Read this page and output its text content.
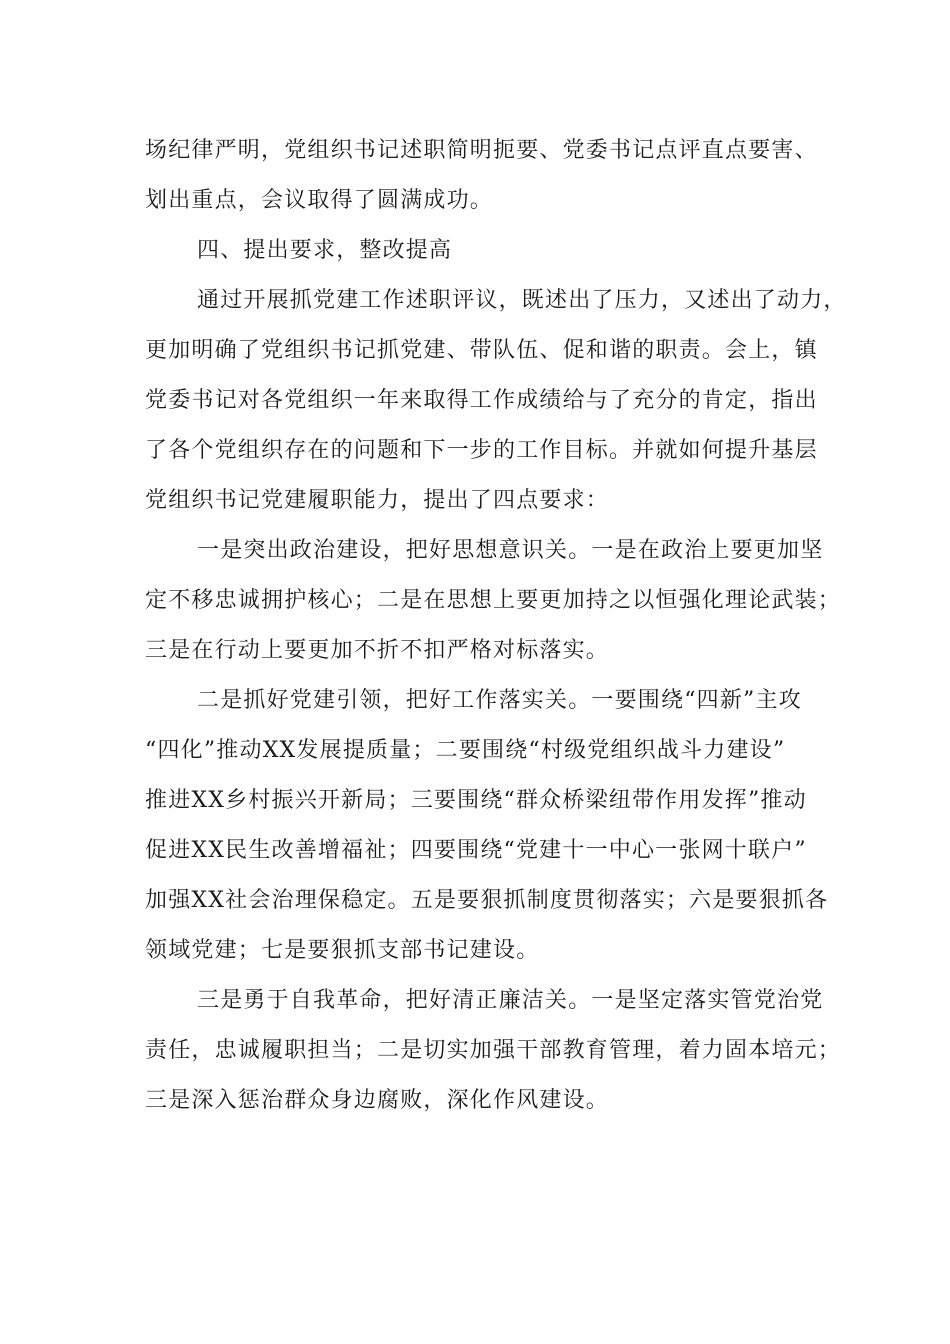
场纪律严明，党组织书记述职简明扼要、党委书记点评直点要害、
划出重点，会议取得了圆满成功。
四、提出要求，整改提高
通过开展抓党建工作述职评议，既述出了压力，又述出了动力，
更加明确了党组织书记抓党建、带队伍、促和谐的职责。会上，镇
党委书记对各党组织一年来取得工作成绩给与了充分的肯定，指出
了各个党组织存在的问题和下一步的工作目标。并就如何提升基层
党组织书记党建履职能力，提出了四点要求：
一是突出政治建设，把好思想意识关。一是在政治上要更加坚
定不移忠诚拥护核心；二是在思想上要更加持之以恒强化理论武装；
三是在行动上要更加不折不扣严格对标落实。
二是抓好党建引领，把好工作落实关。一要围绕“四新”主攻
“四化”推动XX发展提质量；二要围绕“村级党组织战斗力建设”
推进XX乡村振兴开新局；三要围绕“群众桥梁纽带作用发挥”推动
促进XX民生改善增福祉；四要围绕“党建十一中心一张网十联户”
加强XX社会治理保稳定。五是要狠抓制度贯彻落实；六是要狠抓各
领域党建；七是要狠抓支部书记建设。
三是勇于自我革命，把好清正廉洁关。一是坚定落实管党治党
责任，忠诚履职担当；二是切实加强干部教育管理，着力固本培元；
三是深入惩治群众身边腐败，深化作风建设。
